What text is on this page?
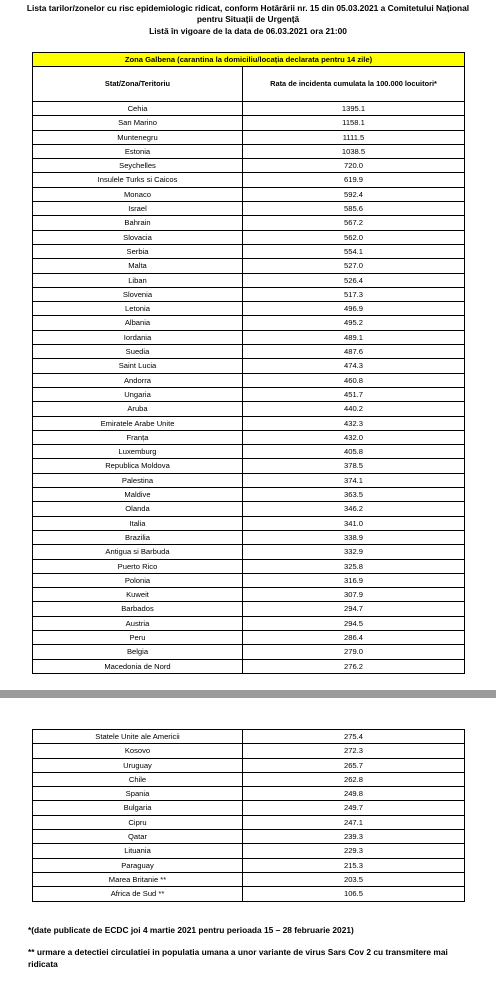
Lista tarilor/zonelor cu risc epidemiologic ridicat, conform Hotărârii nr. 15 din 05.03.2021 a Comitetului Național
pentru Situații de Urgență
Listă în vigoare de la data de 06.03.2021 ora 21:00
Zona Galbena (carantina la domiciliu/locația declarata pentru 14 zile)	
Stat/Zona/Teritoriu	Rata de incidenta cumulata la 100.000 locuitori*
Cehia	1395.1
San Marino	1158.1
Muntenegru	1111.5
Estonia	1038.5
Seychelles	720.0
Insulele Turks si Caicos	619.9
Monaco	592.4
Israel	585.6
Bahrain	567.2
Slovacia	562.0
Serbia	554.1
Malta	527.0
Liban	526.4
Slovenia	517.3
Letonia	496.9
Albania	495.2
Iordania	489.1
Suedia	487.6
Saint Lucia	474.3
Andorra	460.8
Ungaria	451.7
Aruba	440.2
Emiratele Arabe Unite	432.3
Franța	432.0
Luxemburg	405.8
Republica Moldova	378.5
Palestina	374.1
Maldive	363.5
Olanda	346.2
Italia	341.0
Brazilia	338.9
Antigua si Barbuda	332.9
Puerto Rico	325.8
Polonia	316.9
Kuweit	307.9
Barbados	294.7
Austria	294.5
Peru	286.4
Belgia	279.0
Macedonia de Nord	276.2
Statele Unite ale Americii	275.4
Kosovo	272.3
Uruguay	265.7
Chile	262.8
Spania	249.8
Bulgaria	249.7
Cipru	247.1
Qatar	239.3
Lituania	229.3
Paraguay	215.3
Marea Britanie **	203.5
Africa de Sud **	106.5
*(date publicate de ECDC joi 4 martie 2021 pentru perioada 15 – 28 februarie 2021)
** urmare a detectiei circulatiei in populatia umana a unor variante de virus Sars Cov 2 cu transmitere mai ridicata
